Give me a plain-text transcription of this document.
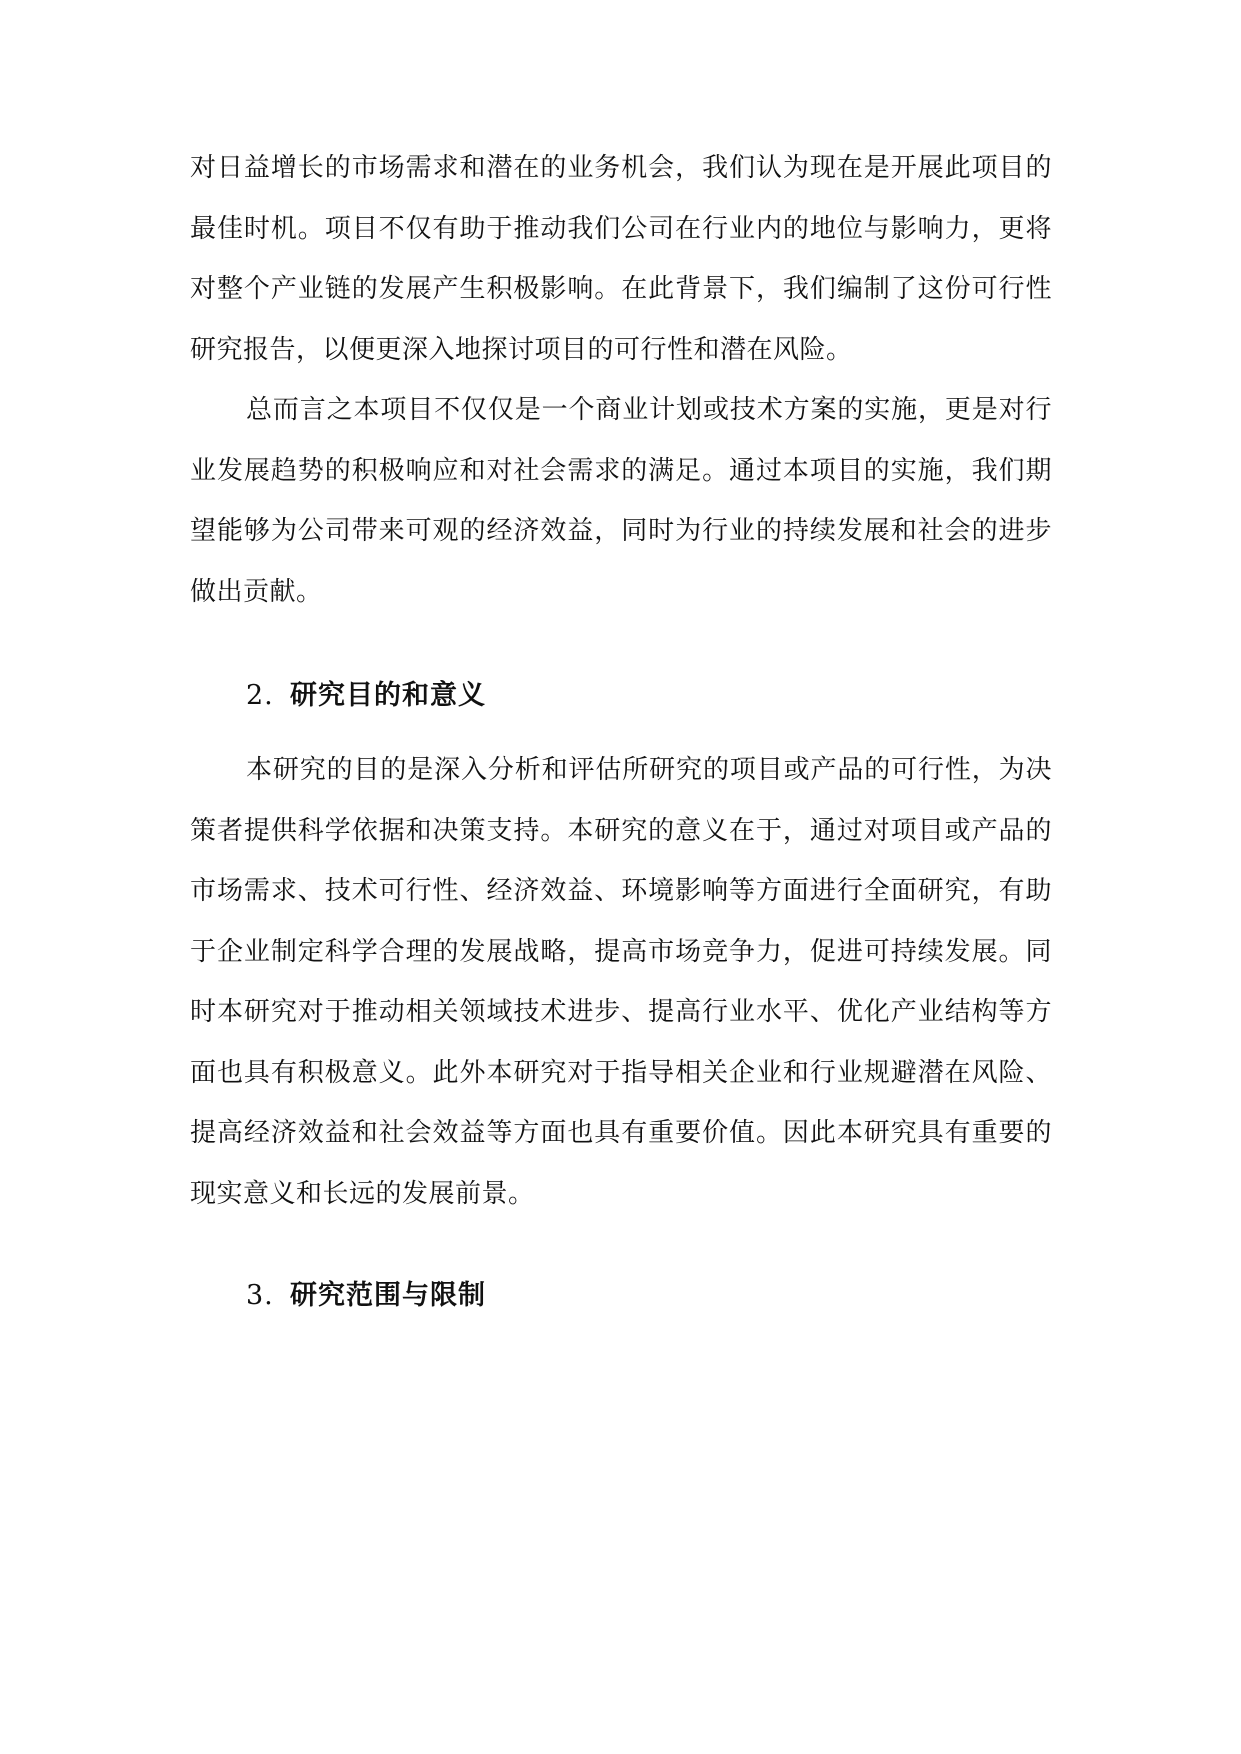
对日益增长的市场需求和潜在的业务机会，我们认为现在是开展此项目的最佳时机。项目不仅有助于推动我们公司在行业内的地位与影响力，更将对整个产业链的发展产生积极影响。在此背景下，我们编制了这份可行性研究报告，以便更深入地探讨项目的可行性和潜在风险。

总而言之本项目不仅仅是一个商业计划或技术方案的实施，更是对行业发展趋势的积极响应和对社会需求的满足。通过本项目的实施，我们期望能够为公司带来可观的经济效益，同时为行业的持续发展和社会的进步做出贡献。

2. 研究目的和意义

本研究的目的是深入分析和评估所研究的项目或产品的可行性，为决策者提供科学依据和决策支持。本研究的意义在于，通过对项目或产品的市场需求、技术可行性、经济效益、环境影响等方面进行全面研究，有助于企业制定科学合理的发展战略，提高市场竞争力，促进可持续发展。同时本研究对于推动相关领域技术进步、提高行业水平、优化产业结构等方面也具有积极意义。此外本研究对于指导相关企业和行业规避潜在风险、提高经济效益和社会效益等方面也具有重要价值。因此本研究具有重要的现实意义和长远的发展前景。

3. 研究范围与限制
